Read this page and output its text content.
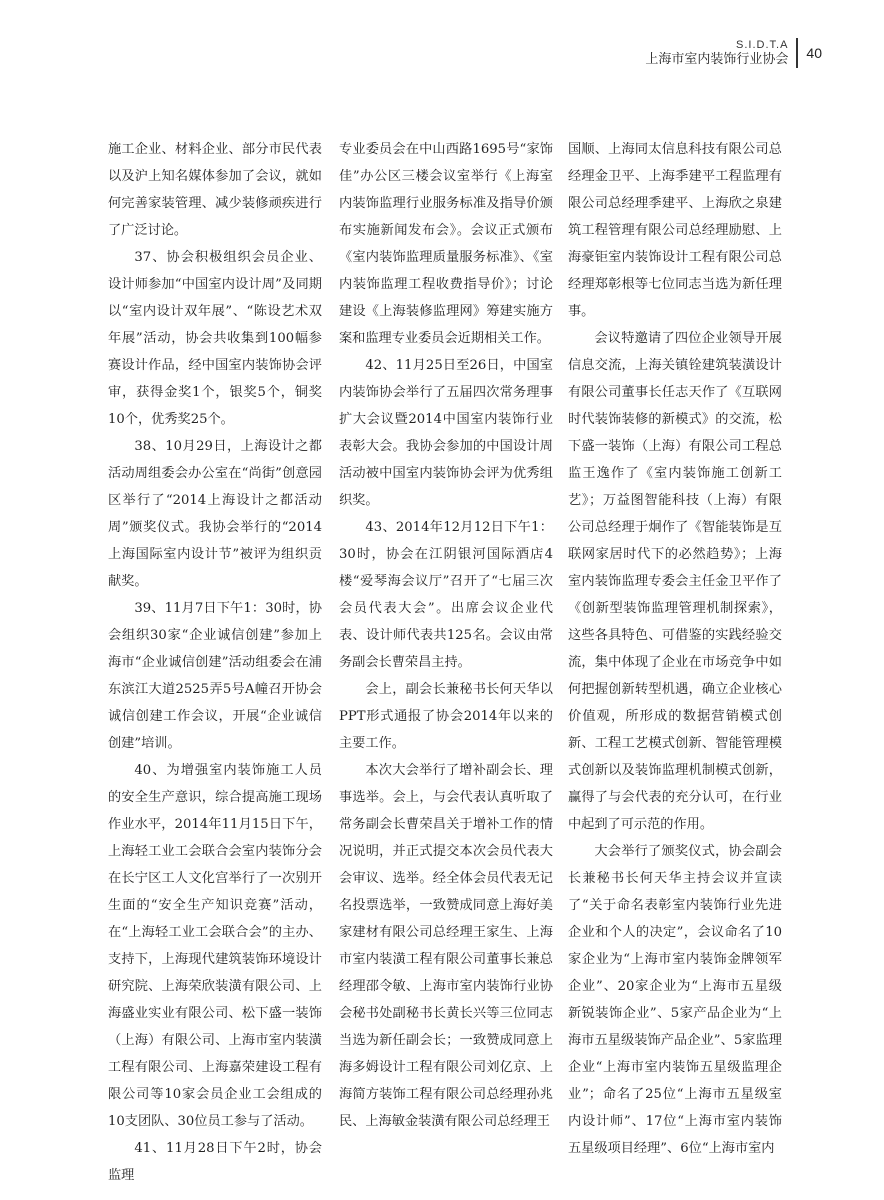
S.I.D.T.A
上海市室内装饰行业协会 40

施工企业、材料企业、部分市民代表以及沪上知名媒体参加了会议，就如何完善家装管理、减少装修顽疾进行了广泛讨论。

37、协会积极组织会员企业、设计师参加“中国室内设计周”及同期以“室内设计双年展”、“陈设艺术双年展”活动，协会共收集到100幅参赛设计作品，经中国室内装饰协会评审，获得金奖1个，银奖5个，铜奖10个，优秀奖25个。

38、10月29日，上海设计之都活动周组委会办公室在“尚街”创意园区举行了“2014上海设计之都活动周”颁奖仪式。我协会举行的“2014上海国际室内设计节”被评为组织贡献奖。

39、11月7日下午1：30时，协会组织30家“企业诚信创建”参加上海市“企业诚信创建”活动组委会在浦东滨江大道2525弄5号A幢召开协会诚信创建工作会议，开展“企业诚信创建”培训。

40、为增强室内装饰施工人员的安全生产意识，综合提高施工现场作业水平，2014年11月15日下午，上海轻工业工会联合会室内装饰分会在长宁区工人文化宫举行了一次别开生面的“安全生产知识竞赛”活动，在“上海轻工业工会联合会”的主办、支持下，上海现代建筑装饰环境设计研究院、上海荣欣装潢有限公司、上海盛业实业有限公司、松下盛一装饰（上海）有限公司、上海市室内装潢工程有限公司、上海嘉荣建设工程有限公司等10家会员企业工会组成的10支团队、30位员工参与了活动。

41、11月28日下午2时，协会监理

专业委员会在中山西路1695号“家饰佳”办公区三楼会议室举行《上海室内装饰监理行业服务标准及指导价颁布实施新闻发布会》。会议正式颁布《室内装饰监理质量服务标准》、《室内装饰监理工程收费指导价》；讨论建设《上海装修监理网》筹建实施方案和监理专业委员会近期相关工作。

42、11月25日至26日，中国室内装饰协会举行了五届四次常务理事扩大会议暨2014中国室内装饰行业表彰大会。我协会参加的中国设计周活动被中国室内装饰协会评为优秀组织奖。

43、2014年12月12日下午1：30时，协会在江阴银河国际酒店4楼“爱琴海会议厅”召开了“七届三次会员代表大会”。出席会议企业代表、设计师代表共125名。会议由常务副会长曹荣昌主持。

会上，副会长兼秘书长何天华以PPT形式通报了协会2014年以来的主要工作。

本次大会举行了增补副会长、理事选举。会上，与会代表认真听取了常务副会长曹荣昌关于增补工作的情况说明，并正式提交本次会员代表大会审议、选举。经全体会员代表无记名投票选举，一致赞成同意上海好美家建材有限公司总经理王家生、上海市室内装潢工程有限公司董事长兼总经理邵令敏、上海市室内装饰行业协会秘书处副秘书长黄长兴等三位同志当选为新任副会长；一致赞成同意上海多姆设计工程有限公司刘亿京、上海简方装饰工程有限公司总经理孙兆民、上海敏金装潢有限公司总经理王

国顺、上海同太信息科技有限公司总经理金卫平、上海季建平工程监理有限公司总经理季建平、上海欣之泉建筑工程管理有限公司总经理励慰、上海豪钜室内装饰设计工程有限公司总经理郑彰根等七位同志当选为新任理事。

会议特邀请了四位企业领导开展信息交流，上海关镇铨建筑装潢设计有限公司董事长任志天作了《互联网时代装饰装修的新模式》的交流，松下盛一装饰（上海）有限公司工程总监王逸作了《室内装饰施工创新工艺》；万益图智能科技（上海）有限公司总经理于炯作了《智能装饰是互联网家居时代下的必然趋势》；上海室内装饰监理专委会主任金卫平作了《创新型装饰监理管理机制探索》，这些各具特色、可借鉴的实践经验交流，集中体现了企业在市场竞争中如何把握创新转型机遇，确立企业核心价值观，所形成的数据营销模式创新、工程工艺模式创新、智能管理模式创新以及装饰监理机制模式创新，赢得了与会代表的充分认可，在行业中起到了可示范的作用。

大会举行了颁奖仪式，协会副会长兼秘书长何天华主持会议并宣读了“关于命名表彰室内装饰行业先进企业和个人的决定”，会议命名了10家企业为“上海市室内装饰金牌领军企业”、20家企业为“上海市五星级新锐装饰企业”、5家产品企业为“上海市五星级装饰产品企业”、5家监理企业“上海市室内装饰五星级监理企业”；命名了25位“上海市五星级室内设计师”、17位“上海市室内装饰五星级项目经理”、6位“上海市室内
